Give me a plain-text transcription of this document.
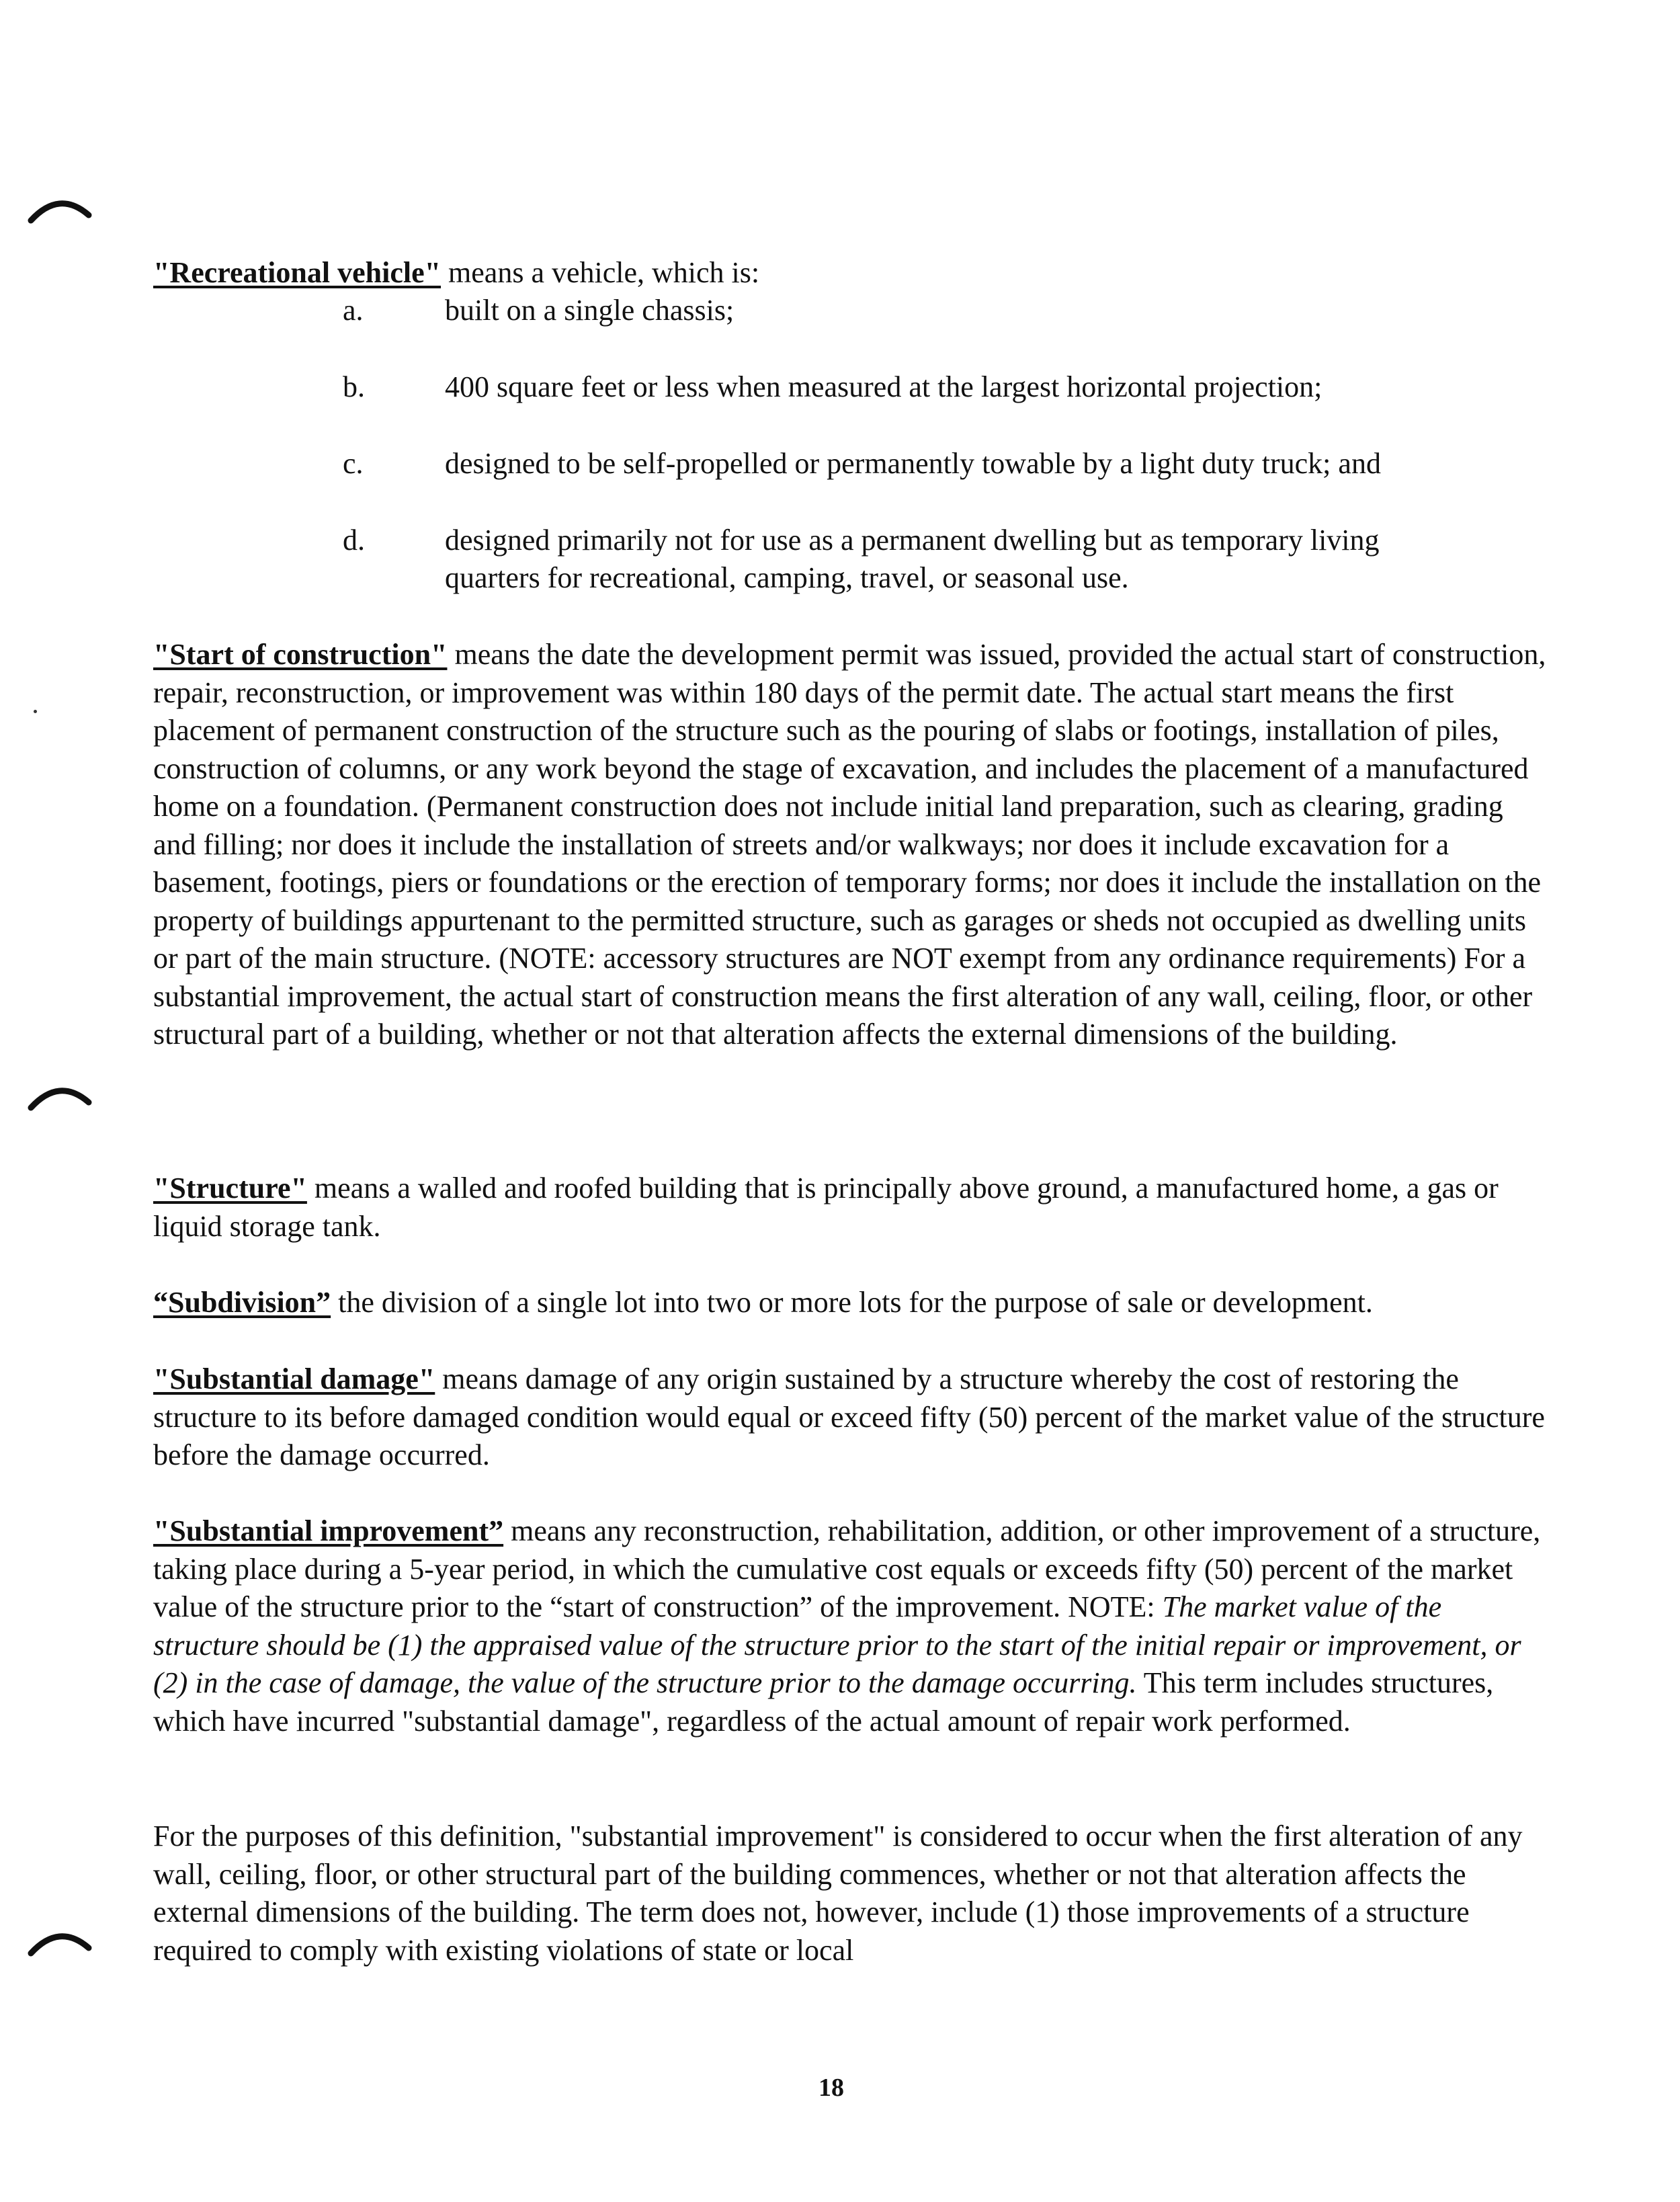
"Recreational vehicle" means a vehicle, which is:

a.	built on a single chassis;
b.	400 square feet or less when measured at the largest horizontal projection;
c.	designed to be self-propelled or permanently towable by a light duty truck; and
d.	designed primarily not for use as a permanent dwelling but as temporary living
quarters for recreational, camping, travel, or seasonal use.

"Start of construction" means the date the development permit was issued, provided the actual start of construction, repair, reconstruction, or improvement was within 180 days of the permit date. The actual start means the first placement of permanent construction of the structure such as the pouring of slabs or footings, installation of piles, construction of columns, or any work beyond the stage of excavation, and includes the placement of a manufactured home on a foundation. (Permanent construction does not include initial land preparation, such as clearing, grading and filling; nor does it include the installation of streets and/or walkways; nor does it include excavation for a basement, footings, piers or foundations or the erection of temporary forms; nor does it include the installation on the property of buildings appurtenant to the permitted structure, such as garages or sheds not occupied as dwelling units or part of the main structure. (NOTE: accessory structures are NOT exempt from any ordinance requirements) For a substantial improvement, the actual start of construction means the first alteration of any wall, ceiling, floor, or other structural part of a building, whether or not that alteration affects the external dimensions of the building.

"Structure" means a walled and roofed building that is principally above ground, a manufactured home, a gas or liquid storage tank.

“Subdivision” the division of a single lot into two or more lots for the purpose of sale or development.

"Substantial damage" means damage of any origin sustained by a structure whereby the cost of restoring the structure to its before damaged condition would equal or exceed fifty (50) percent of the market value of the structure before the damage occurred.

"Substantial improvement” means any reconstruction, rehabilitation, addition, or other improvement of a structure, taking place during a 5-year period, in which the cumulative cost equals or exceeds fifty (50) percent of the market value of the structure prior to the “start of construction” of the improvement. NOTE: The market value of the structure should be (1) the appraised value of the structure prior to the start of the initial repair or improvement, or (2) in the case of damage, the value of the structure prior to the damage occurring. This term includes structures, which have incurred "substantial damage", regardless of the actual amount of repair work performed.

For the purposes of this definition, "substantial improvement" is considered to occur when the first alteration of any wall, ceiling, floor, or other structural part of the building commences, whether or not that alteration affects the external dimensions of the building. The term does not, however, include (1) those improvements of a structure required to comply with existing violations of state or local

18
